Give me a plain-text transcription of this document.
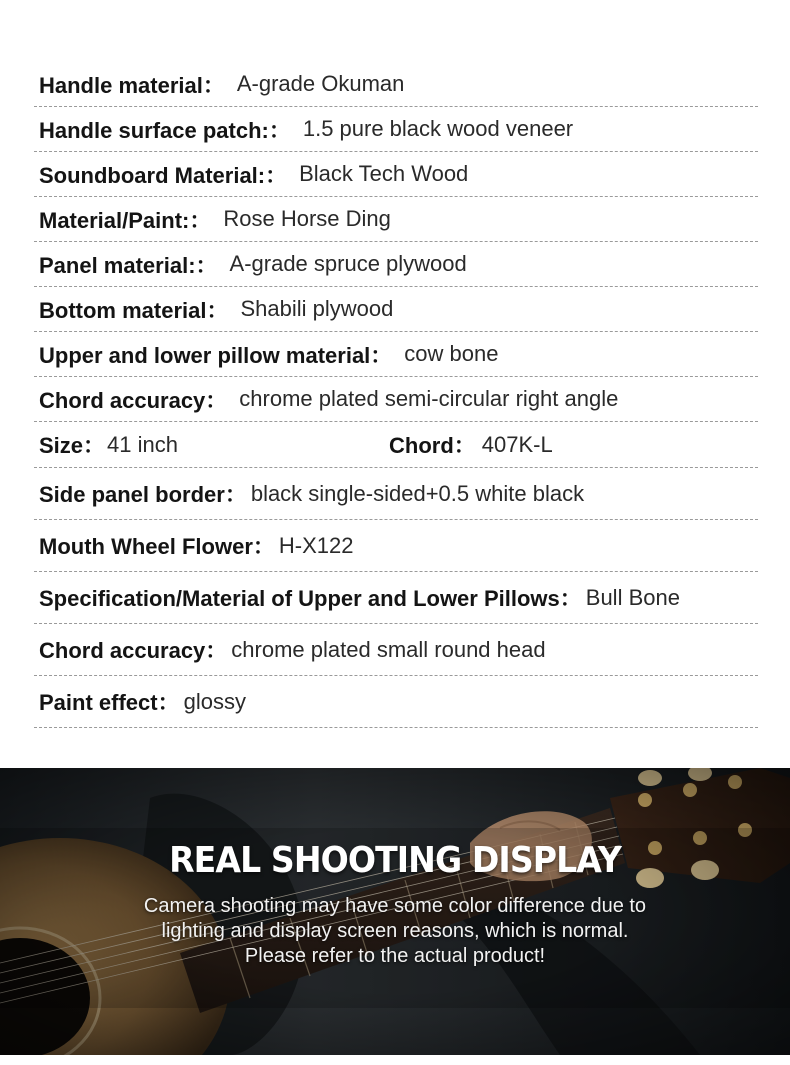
Handle material： A-grade Okuman
Handle surface patch:： 1.5 pure black wood veneer
Soundboard Material:： Black Tech Wood
Material/Paint:： Rose Horse Ding
Panel material:： A-grade spruce plywood
Bottom material： Shabili plywood
Upper and lower pillow material： cow bone
Chord accuracy： chrome plated semi-circular right angle
Size： 41 inch	Chord： 407K-L
Side panel border： black single-sided+0.5 white black
Mouth Wheel Flower： H-X122
Specification/Material of Upper and Lower Pillows： Bull Bone
Chord accuracy： chrome plated small round head
Paint effect： glossy
REAL SHOOTING DISPLAY
Camera shooting may have some color difference due to
lighting and display screen reasons, which is normal.
Please refer to the actual product!
